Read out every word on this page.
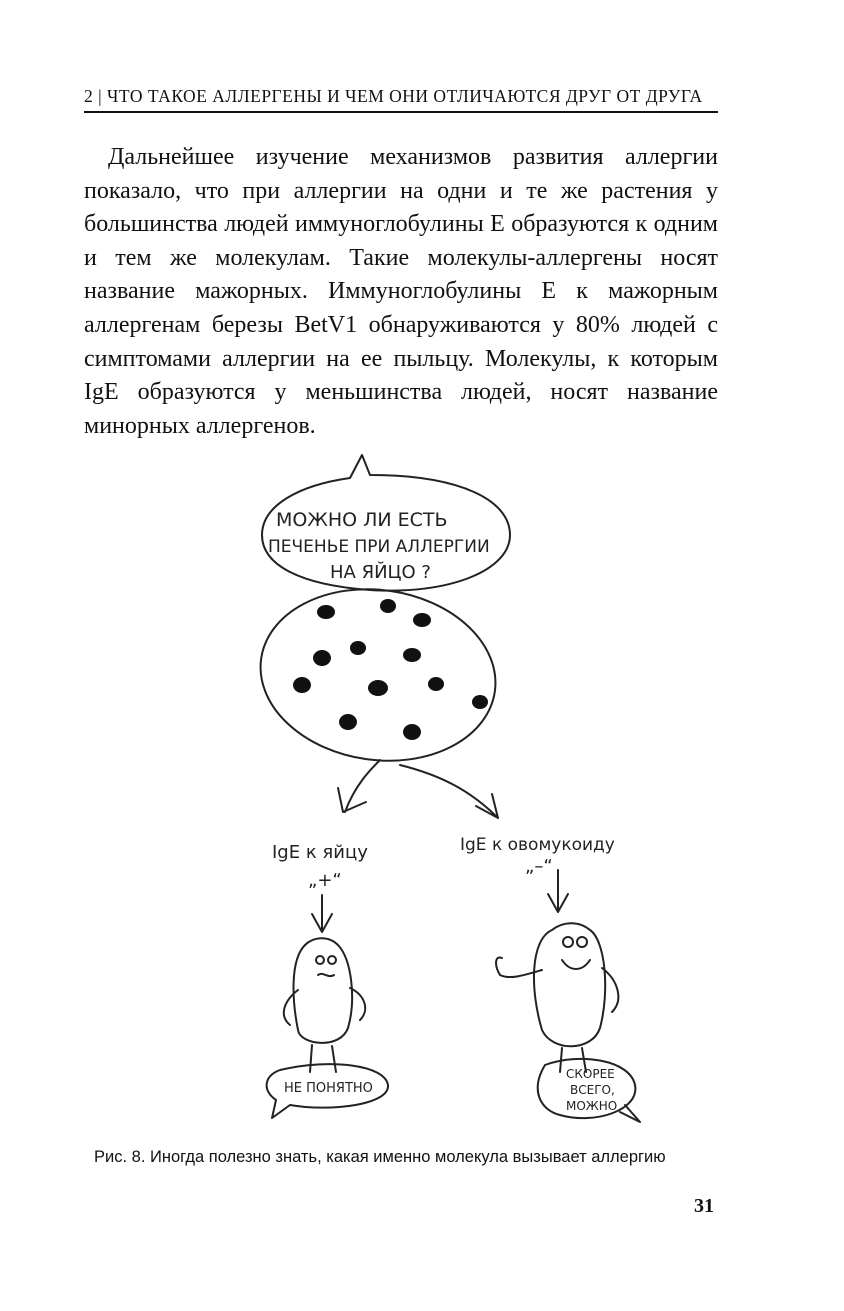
2 | ЧТО ТАКОЕ АЛЛЕРГЕНЫ И ЧЕМ ОНИ ОТЛИЧАЮТСЯ ДРУГ ОТ ДРУГА

Дальнейшее изучение механизмов развития аллергии показало, что при аллергии на одни и те же растения у большинства людей иммуноглобулины Е образуются к одним и тем же молекулам. Такие молекулы-аллергены носят название мажорных. Иммуноглобулины Е к мажорным аллергенам березы BetV1 обнаруживаются у 80% людей с симптомами аллергии на ее пыльцу. Молекулы, к которым IgE образуются у меньшинства людей, носят название минорных аллергенов.

МОЖНО ЛИ ЕСТЬ
ПЕЧЕНЬЕ ПРИ АЛЛЕРГИИ
НА ЯЙЦО ?
IgE к яйцу
„+“
IgE к овомукоиду
„–“
НЕ ПОНЯТНО
СКОРЕЕ
ВСЕГО,
МОЖНО
Рис. 8. Иногда полезно знать, какая именно молекула вызывает аллергию
31
